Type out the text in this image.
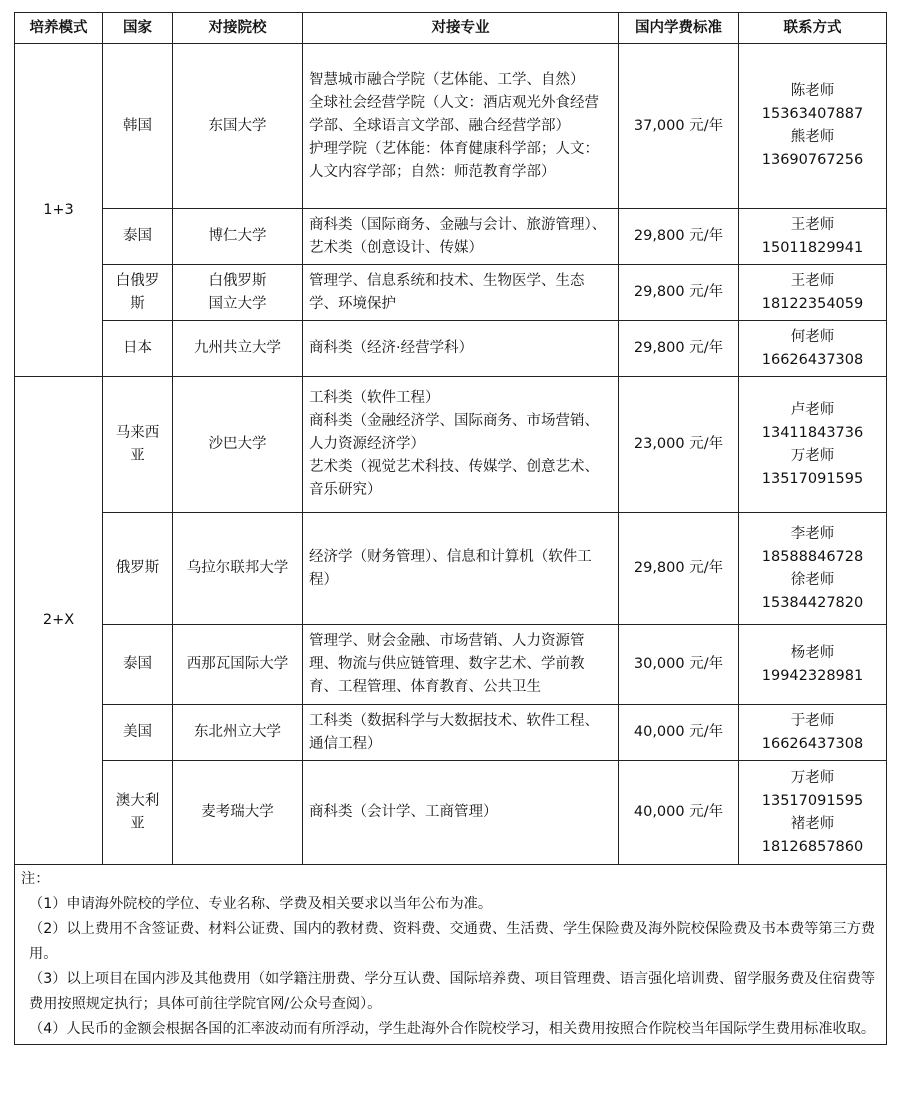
培养模式	国家	对接院校	对接专业	国内学费标准	联系方式
1+3	韩国	东国大学	智慧城市融合学院（艺体能、工学、自然）
全球社会经营学院（人文：酒店观光外食经营学部、全球语言文学部、融合经营学部）
护理学院（艺体能：体育健康科学部；人文：人文内容学部；自然：师范教育学部）	37,000 元/年	陈老师
15363407887
熊老师
13690767256

	泰国	博仁大学	商科类（国际商务、金融与会计、旅游管理）、艺术类（创意设计、传媒）	29,800 元/年	王老师
15011829941

	白俄罗斯	白俄罗斯
国立大学	管理学、信息系统和技术、生物医学、生态学、环境保护	29,800 元/年	王老师
18122354059

	日本	九州共立大学	商科类（经济·经营学科）	29,800 元/年	何老师
16626437308

2+X	马来西亚	沙巴大学	工科类（软件工程）
商科类（金融经济学、国际商务、市场营销、人力资源经济学）
艺术类（视觉艺术科技、传媒学、创意艺术、音乐研究）	23,000 元/年	卢老师
13411843736
万老师
13517091595

	俄罗斯	乌拉尔联邦大学	经济学（财务管理）、信息和计算机（软件工程）	29,800 元/年	李老师
18588846728
徐老师
15384427820

	泰国	西那瓦国际大学	管理学、财会金融、市场营销、人力资源管理、物流与供应链管理、数字艺术、学前教育、工程管理、体育教育、公共卫生	30,000 元/年	杨老师
19942328981

	美国	东北州立大学	工科类（数据科学与大数据技术、软件工程、通信工程）	40,000 元/年	于老师
16626437308

	澳大利亚	麦考瑞大学	商科类（会计学、工商管理）	40,000 元/年	万老师
13517091595
褚老师
18126857860

注：
（1）申请海外院校的学位、专业名称、学费及相关要求以当年公布为准。
（2）以上费用不含签证费、材料公证费、国内的教材费、资料费、交通费、生活费、学生保险费及海外院校保险费及书本费等第三方费用。
（3）以上项目在国内涉及其他费用（如学籍注册费、学分互认费、国际培养费、项目管理费、语言强化培训费、留学服务费及住宿费等费用按照规定执行；具体可前往学院官网/公众号查阅）。
（4）人民币的金额会根据各国的汇率波动而有所浮动，学生赴海外合作院校学习，相关费用按照合作院校当年国际学生费用标准收取。					
